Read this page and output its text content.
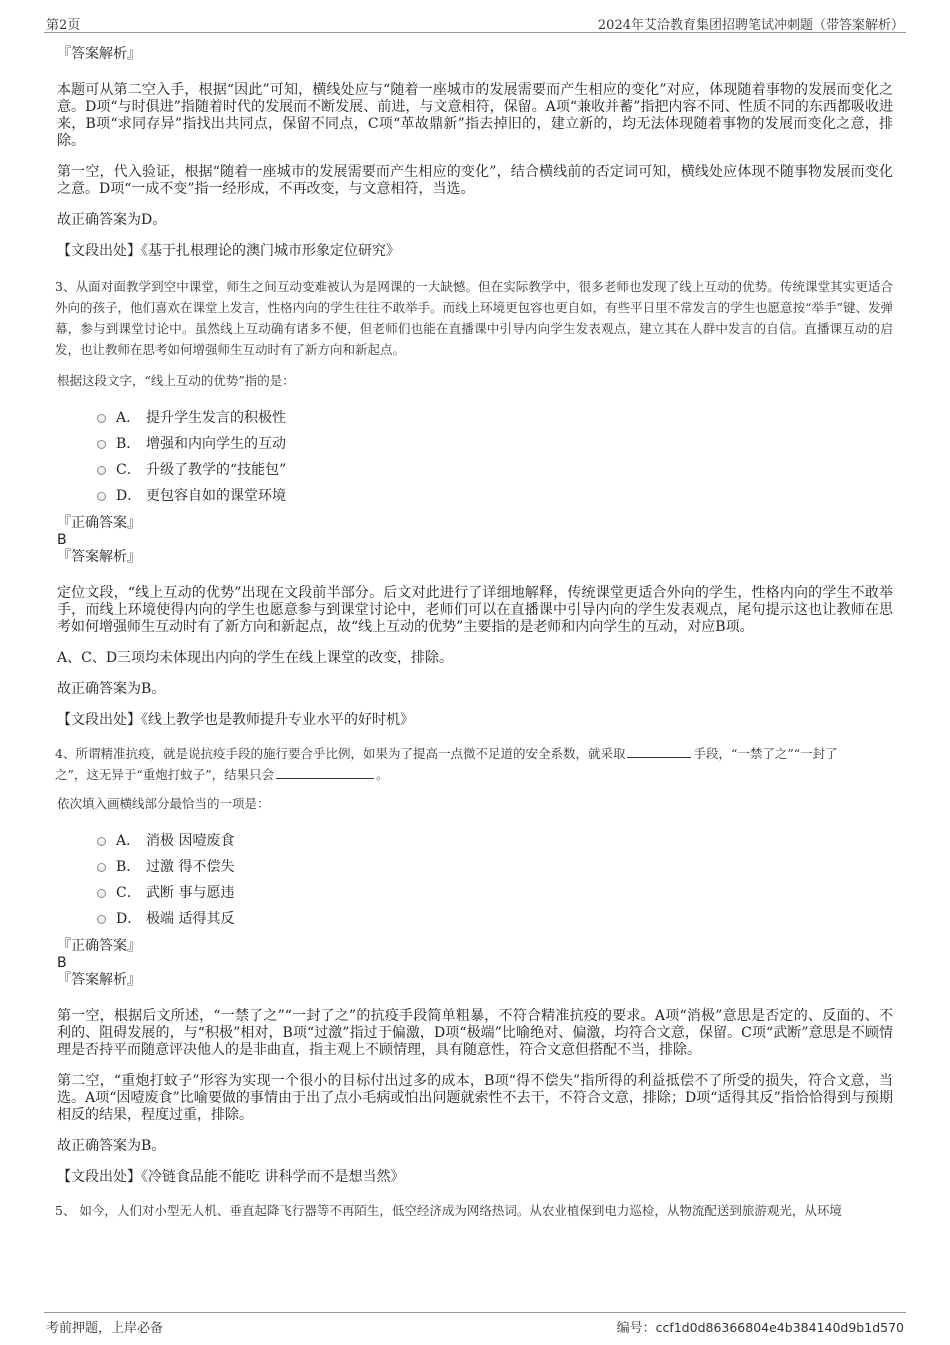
第2页	2024年艾洽教育集团招聘笔试冲刺题（带答案解析）
『答案解析』

本题可从第二空入手，根据“因此”可知，横线处应与“随着一座城市的发展需要而产生相应的变化”对应，体现随着事物的发展而变化之意。D项“与时俱进”指随着时代的发展而不断发展、前进，与文意相符，保留。A项“兼收并蓄”指把内容不同、性质不同的东西都吸收进来，B项“求同存异”指找出共同点，保留不同点，C项“革故鼎新”指去掉旧的，建立新的，均无法体现随着事物的发展而变化之意，排除。

第一空，代入验证，根据“随着一座城市的发展需要而产生相应的变化”，结合横线前的否定词可知，横线处应体现不随事物发展而变化之意。D项“一成不变”指一经形成，不再改变，与文意相符，当选。

故正确答案为D。

【文段出处】《基于扎根理论的澳门城市形象定位研究》

3、从面对面教学到空中课堂，师生之间互动变难被认为是网课的一大缺憾。但在实际教学中，很多老师也发现了线上互动的优势。传统课堂其实更适合外向的孩子，他们喜欢在课堂上发言，性格内向的学生往往不敢举手。而线上环境更包容也更自如，有些平日里不常发言的学生也愿意按“举手”键、发弹幕，参与到课堂讨论中。虽然线上互动确有诸多不便，但老师们也能在直播课中引导内向学生发表观点，建立其在人群中发言的自信。直播课互动的启发，也让教师在思考如何增强师生互动时有了新方向和新起点。

根据这段文字，“线上互动的优势”指的是：

A． 提升学生发言的积极性
B． 增强和内向学生的互动
C． 升级了教学的“技能包”
D． 更包容自如的课堂环境
『正确答案』
B
『答案解析』

定位文段，“线上互动的优势”出现在文段前半部分。后文对此进行了详细地解释，传统课堂更适合外向的学生，性格内向的学生不敢举手，而线上环境使得内向的学生也愿意参与到课堂讨论中，老师们可以在直播课中引导内向的学生发表观点，尾句提示这也让教师在思考如何增强师生互动时有了新方向和新起点，故“线上互动的优势”主要指的是老师和内向学生的互动，对应B项。

A、C、D三项均未体现出内向的学生在线上课堂的改变，排除。

故正确答案为B。

【文段出处】《线上教学也是教师提升专业水平的好时机》

4、所谓精准抗疫，就是说抗疫手段的施行要合乎比例，如果为了提高一点微不足道的安全系数，就采取	手段，“一禁了之”“一封了
之”，这无异于“重炮打蚊子”，结果只会	。

依次填入画横线部分最恰当的一项是：

A． 消极 因噎废食
B． 过激 得不偿失
C． 武断 事与愿违
D． 极端 适得其反
『正确答案』
B
『答案解析』

第一空，根据后文所述，“一禁了之”“一封了之”的抗疫手段简单粗暴，不符合精准抗疫的要求。A项“消极”意思是否定的、反面的、不利的、阻碍发展的，与“积极”相对，B项“过激”指过于偏激，D项“极端”比喻绝对、偏激，均符合文意，保留。C项“武断”意思是不顾情理是否持平而随意评决他人的是非曲直，指主观上不顾情理，具有随意性，符合文意但搭配不当，排除。

第二空，“重炮打蚊子”形容为实现一个很小的目标付出过多的成本，B项“得不偿失”指所得的利益抵偿不了所受的损失，符合文意，当选。A项“因噎废食”比喻要做的事情由于出了点小毛病或怕出问题就索性不去干，不符合文意，排除；D项“适得其反”指恰恰得到与预期相反的结果，程度过重，排除。

故正确答案为B。

【文段出处】《冷链食品能不能吃 讲科学而不是想当然》

5、 如今，人们对小型无人机、垂直起降飞行器等不再陌生，低空经济成为网络热词。从农业植保到电力巡检，从物流配送到旅游观光，从环境

考前押题，上岸必备	编号：ccf1d0d86366804e4b384140d9b1d570
